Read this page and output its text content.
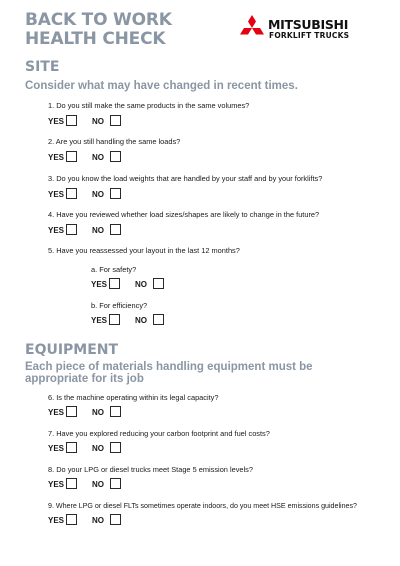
BACK TO WORK
HEALTH CHECK
MITSUBISHI
FORKLIFT TRUCKS
SITE
Consider what may have changed in recent times.
1. Do you still make the same products in the same volumes?
YES	NO
2. Are you still handling the same loads?
YES	NO
3. Do you know the load weights that are handled by your staff and by your forklifts?
YES	NO
4. Have you reviewed whether load sizes/shapes are likely to change in the future?
YES	NO
5. Have you reassessed your layout in the last 12 months?
a. For safety?
YES	NO
b. For efficiency?
YES	NO
EQUIPMENT
Each piece of materials handling equipment must be appropriate for its job
6. Is the machine operating within its legal capacity?
YES	NO
7. Have you explored reducing your carbon footprint and fuel costs?
YES	NO
8. Do your LPG or diesel trucks meet Stage 5 emission levels?
YES	NO
9. Where LPG or diesel FLTs sometimes operate indoors, do you meet HSE emissions guidelines?
YES	NO
